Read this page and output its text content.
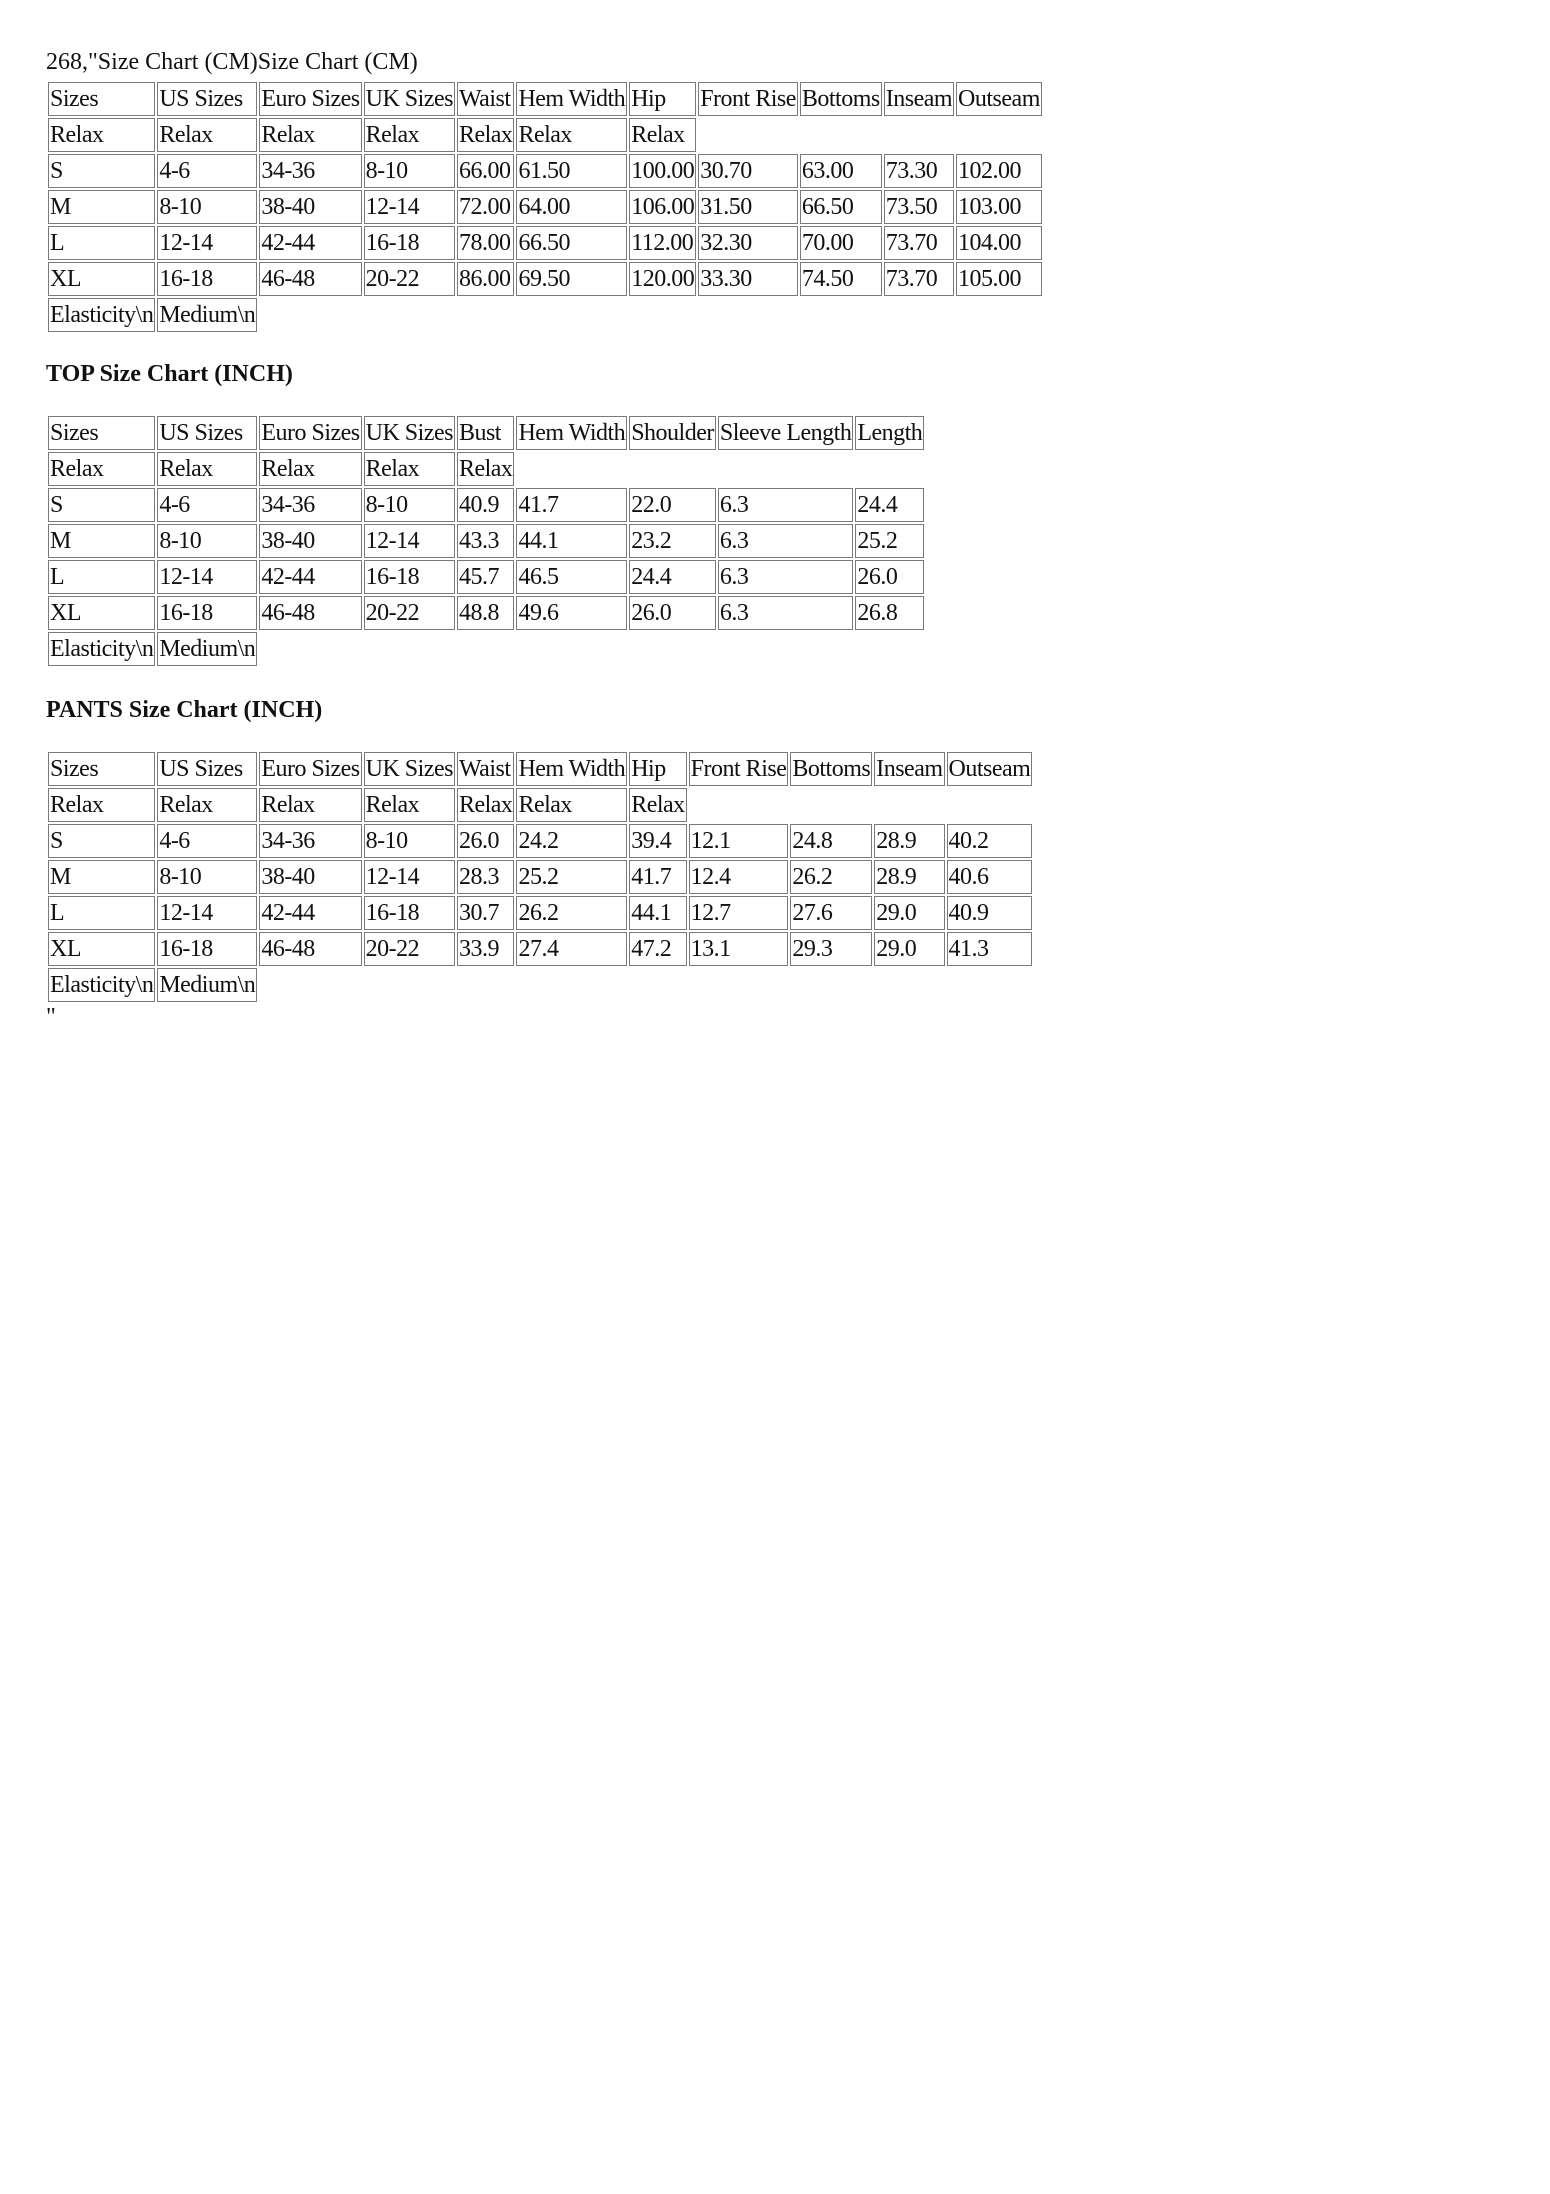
268,"Size Chart (CM)Size Chart (CM)
Sizes	US Sizes	Euro Sizes	UK Sizes	Waist	Hem Width	Hip	Front Rise	Bottoms	Inseam	Outseam
Relax	Relax	Relax	Relax	Relax	Relax	Relax				
S	4-6	34-36	8-10	66.00	61.50	100.00	30.70	63.00	73.30	102.00
M	8-10	38-40	12-14	72.00	64.00	106.00	31.50	66.50	73.50	103.00
L	12-14	42-44	16-18	78.00	66.50	112.00	32.30	70.00	73.70	104.00
XL	16-18	46-48	20-22	86.00	69.50	120.00	33.30	74.50	73.70	105.00
Elasticity\n	Medium\n									
TOP Size Chart (INCH)
Sizes	US Sizes	Euro Sizes	UK Sizes	Bust	Hem Width	Shoulder	Sleeve Length	Length
Relax	Relax	Relax	Relax	Relax				
S	4-6	34-36	8-10	40.9	41.7	22.0	6.3	24.4
M	8-10	38-40	12-14	43.3	44.1	23.2	6.3	25.2
L	12-14	42-44	16-18	45.7	46.5	24.4	6.3	26.0
XL	16-18	46-48	20-22	48.8	49.6	26.0	6.3	26.8
Elasticity\n	Medium\n							
PANTS Size Chart (INCH)
Sizes	US Sizes	Euro Sizes	UK Sizes	Waist	Hem Width	Hip	Front Rise	Bottoms	Inseam	Outseam
Relax	Relax	Relax	Relax	Relax	Relax	Relax				
S	4-6	34-36	8-10	26.0	24.2	39.4	12.1	24.8	28.9	40.2
M	8-10	38-40	12-14	28.3	25.2	41.7	12.4	26.2	28.9	40.6
L	12-14	42-44	16-18	30.7	26.2	44.1	12.7	27.6	29.0	40.9
XL	16-18	46-48	20-22	33.9	27.4	47.2	13.1	29.3	29.0	41.3
Elasticity\n	Medium\n									
"
